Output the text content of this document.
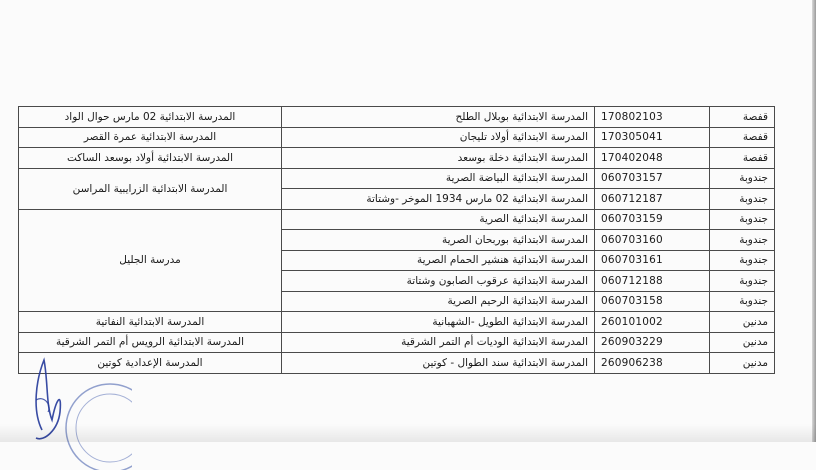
المدرسة الابتدائية 02 مارس حوال الواد	المدرسة الابتدائية بوبلال الطلح	170802103	قفصة
المدرسة الابتدائية عمرة القصر	المدرسة الابتدائية أولاد تليجان	170305041	قفصة
المدرسة الابتدائية أولاد بوسعد الساكت	المدرسة الابتدائية دخلة بوسعد	170402048	قفصة
المدرسة الابتدائية الزرايبية المراسن	المدرسة الابتدائية البياضة الصرية	060703157	جندوبة
	المدرسة الابتدائية 02 مارس 1934 الموخر -وشتاتة	060712187	جندوبة
مدرسة الجليل	المدرسة الابتدائية الصرية	060703159	جندوبة
	المدرسة الابتدائية بوربحان الصرية	060703160	جندوبة
	المدرسة الابتدائية هنشير الحمام الصرية	060703161	جندوبة
	المدرسة الابتدائية عرقوب الصابون وشتاتة	060712188	جندوبة
	المدرسة الابتدائية الرحيم الصرية	060703158	جندوبة
المدرسة الابتدائية النفاتية	المدرسة الابتدائية الطويل -الشهبانية	260101002	مدنين
المدرسة الابتدائية الرويس أم التمر الشرقية	المدرسة الابتدائية الوديات أم التمر الشرقية	260903229	مدنين
المدرسة الإعدادية كوتين	المدرسة الابتدائية سند الطوال - كوتين	260906238	مدنين
